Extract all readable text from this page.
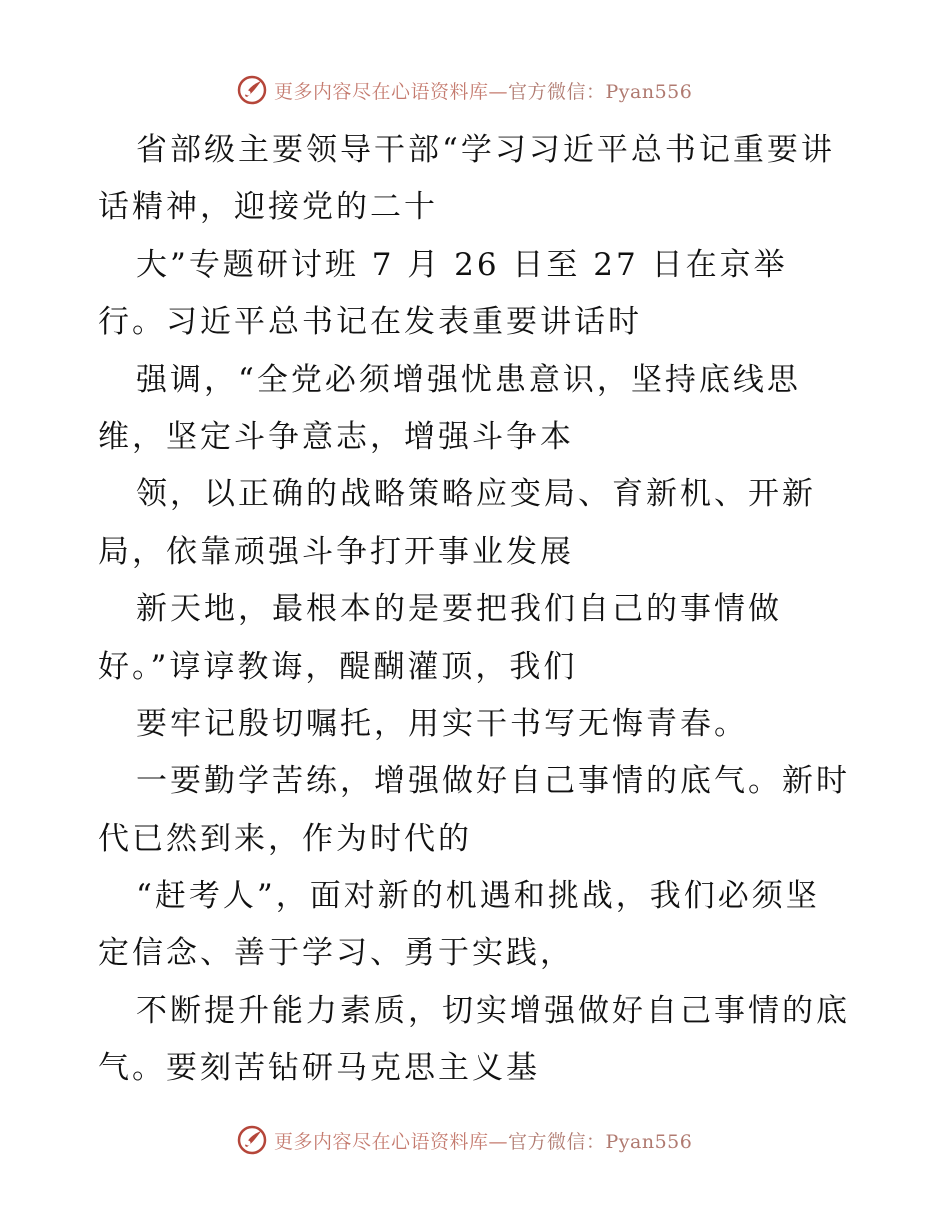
更多内容尽在心语资料库—官方微信：Pyan556
省部级主要领导干部“学习习近平总书记重要讲
话精神，迎接党的二十
大”专题研讨班 7 月 26 日至 27 日在京举
行。习近平总书记在发表重要讲话时
强调，“全党必须增强忧患意识，坚持底线思
维，坚定斗争意志，增强斗争本
领，以正确的战略策略应变局、育新机、开新
局，依靠顽强斗争打开事业发展
新天地，最根本的是要把我们自己的事情做
好。”谆谆教诲，醍醐灌顶，我们
要牢记殷切嘱托，用实干书写无悔青春。
一要勤学苦练，增强做好自己事情的底气。新时
代已然到来，作为时代的
“赶考人”，面对新的机遇和挑战，我们必须坚
定信念、善于学习、勇于实践，
不断提升能力素质，切实增强做好自己事情的底
气。要刻苦钻研马克思主义基
更多内容尽在心语资料库—官方微信：Pyan556
